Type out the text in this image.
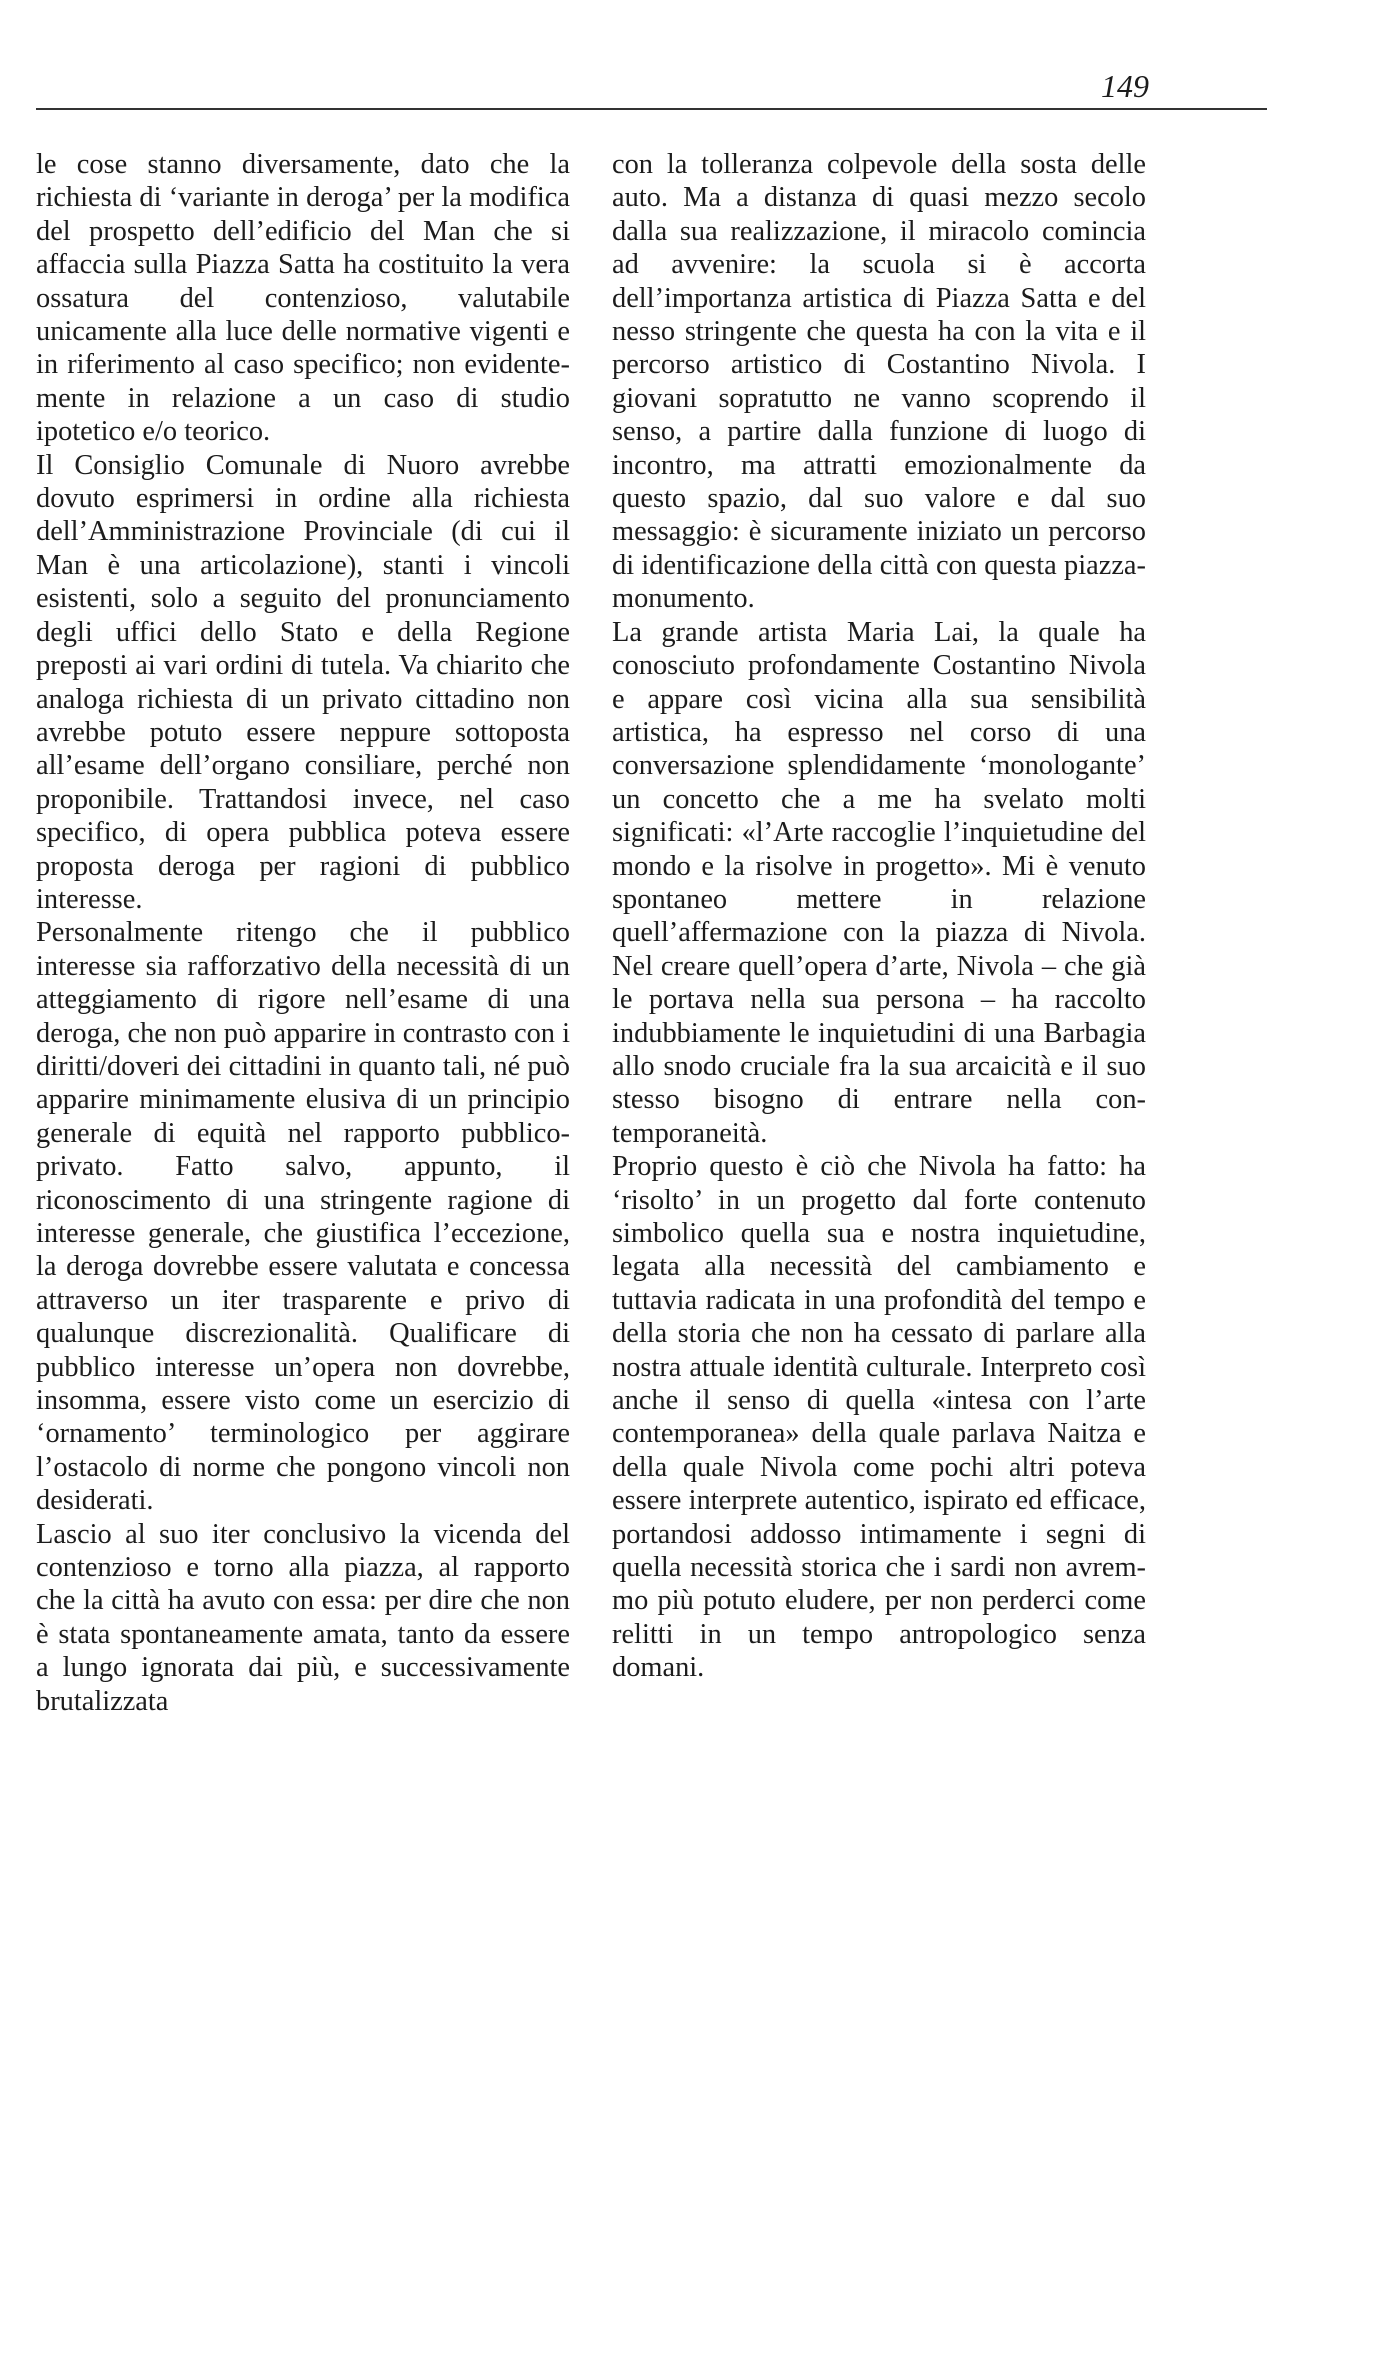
149

le cose stanno diversamente, dato che la richiesta di ‘variante in deroga’ per la modifica del prospetto dell’edificio del Man che si affaccia sulla Piazza Satta ha costituito la vera ossatura del contenzioso, valutabile unicamente alla luce delle normative vigenti e in riferimento al caso specifico; non evidentemente in relazione a un caso di studio ipotetico e/o teorico.

Il Consiglio Comunale di Nuoro avrebbe dovuto esprimersi in ordine alla richiesta dell’Amministrazione Provinciale (di cui il Man è una articolazione), stanti i vincoli esistenti, solo a seguito del pronunciamento degli uffici dello Stato e della Regione preposti ai vari ordini di tutela. Va chiarito che analoga richiesta di un privato cittadino non avrebbe potuto essere neppure sottoposta all’esame dell’organo consiliare, perché non proponibile. Trattandosi invece, nel caso specifico, di opera pubblica poteva essere proposta deroga per ragioni di pubblico interesse.

Personalmente ritengo che il pubblico interesse sia rafforzativo della necessità di un atteggiamento di rigore nell’esame di una deroga, che non può apparire in contrasto con i diritti/doveri dei cittadini in quanto tali, né può apparire minimamente elusiva di un principio generale di equità nel rapporto pubblico-privato. Fatto salvo, appunto, il riconoscimento di una stringente ragione di interesse generale, che giustifica l’eccezione, la deroga dovrebbe essere valutata e concessa attraverso un iter trasparente e privo di qualunque discrezionalità. Qualificare di pubblico interesse un’opera non dovrebbe, insomma, essere visto come un esercizio di ‘ornamento’ terminologico per aggirare l’ostacolo di norme che pongono vincoli non desiderati.

Lascio al suo iter conclusivo la vicenda del contenzioso e torno alla piazza, al rapporto che la città ha avuto con essa: per dire che non è stata spontaneamente amata, tanto da essere a lungo ignorata dai più, e successivamente brutalizzata

con la tolleranza colpevole della sosta delle auto. Ma a distanza di quasi mezzo secolo dalla sua realizzazione, il miracolo comincia ad avvenire: la scuola si è accorta dell’importanza artistica di Piazza Satta e del nesso stringente che questa ha con la vita e il percorso artistico di Costantino Nivola. I giovani sopratutto ne vanno scoprendo il senso, a partire dalla funzione di luogo di incontro, ma attratti emozionalmente da questo spazio, dal suo valore e dal suo messaggio: è sicuramente iniziato un percorso di identificazione della città con questa piazza-monumento.

La grande artista Maria Lai, la quale ha conosciuto profondamente Costantino Nivola e appare così vicina alla sua sensibilità artistica, ha espresso nel corso di una conversazione splendidamente ‘monologante’ un concetto che a me ha svelato molti significati: «l’Arte raccoglie l’inquietudine del mondo e la risolve in progetto». Mi è venuto spontaneo mettere in relazione quell’affermazione con la piazza di Nivola. Nel creare quell’opera d’arte, Nivola – che già le portava nella sua persona – ha raccolto indubbiamente le inquietudini di una Barbagia allo snodo cruciale fra la sua arcaicità e il suo stesso bisogno di entrare nella contemporaneità.

Proprio questo è ciò che Nivola ha fatto: ha ‘risolto’ in un progetto dal forte contenuto simbolico quella sua e nostra inquietudine, legata alla necessità del cambiamento e tuttavia radicata in una profondità del tempo e della storia che non ha cessato di parlare alla nostra attuale identità culturale. Interpreto così anche il senso di quella «intesa con l’arte contemporanea» della quale parlava Naitza e della quale Nivola come pochi altri poteva essere interprete autentico, ispirato ed efficace, portandosi addosso intimamente i segni di quella necessità storica che i sardi non avremmo più potuto eludere, per non perderci come relitti in un tempo antropologico senza domani.
